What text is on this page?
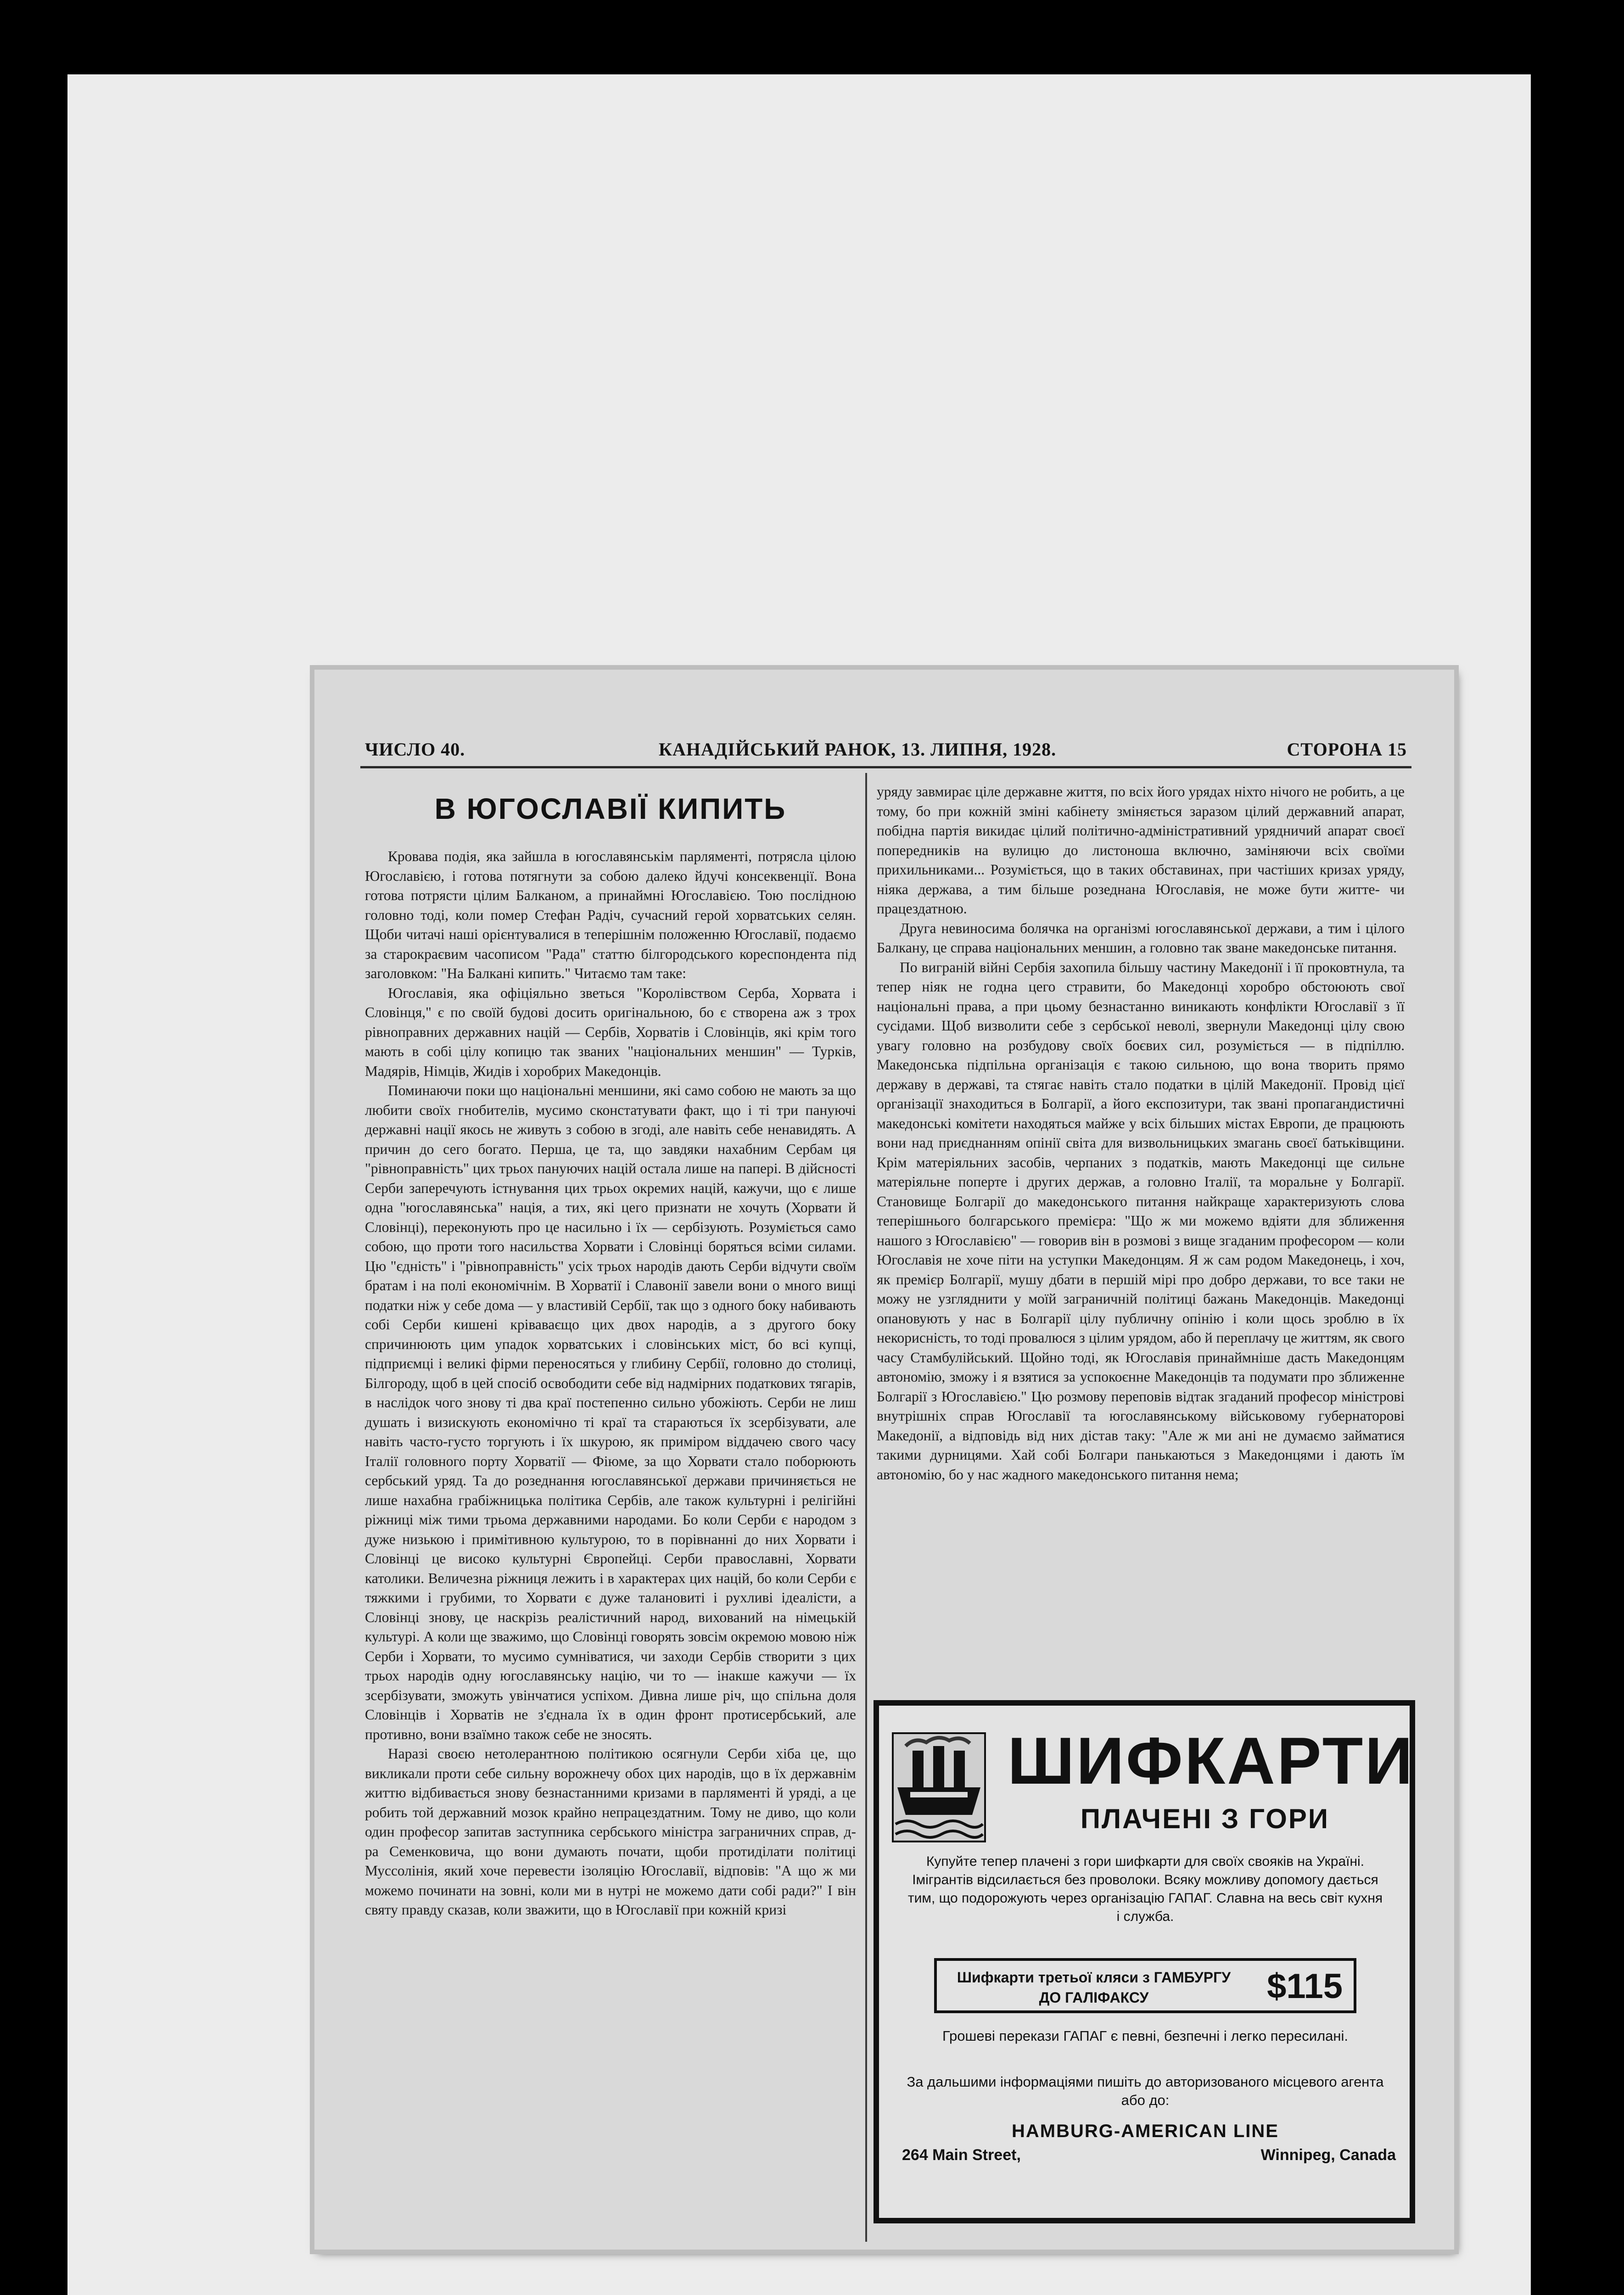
ЧИСЛО 40.	КАНАДІЙСЬКИЙ РАНОК, 13. ЛИПНЯ, 1928.	СТОРОНА 15
В ЮГОСЛАВІЇ КИПИТЬ

Кровава подія, яка зайшла в югославянськім парляменті, потрясла цілою Югославією, і готова потягнути за собою далеко йдучі консеквенції. Вона готова потрясти цілим Балканом, а принаймні Югославією. Тою послідною головно тоді, коли помер Стефан Радіч, сучасний герой хорватських селян. Щоби читачі наші орієнтувалися в теперішнім положенню Югославії, подаємо за старокраєвим часописом "Рада" статтю білгородського кореспондента під заголовком: "На Балкані кипить." Читаємо там таке:

Югославія, яка офіціяльно зветься "Королівством Серба, Хорвата і Словінця," є по своїй будові досить оригінальною, бо є створена аж з трох рівноправних державних націй — Сербів, Хорватів і Словінців, які крім того мають в собі цілу копицю так званих "національних меншин" — Турків, Мадярів, Німців, Жидів і хоробрих Македонців.

Поминаючи поки що національні меншини, які само собою не мають за що любити своїх гнобителів, мусимо сконстатувати факт, що і ті три пануючі державні нації якось не живуть з собою в згоді, але навіть себе ненавидять. А причин до сего богато. Перша, це та, що завдяки нахабним Сербам ця "рівноправність" цих трьох пануючих націй остала лише на папері. В дійсності Серби заперечують істнування цих трьох окремих націй, кажучи, що є лише одна "югославянська" нація, а тих, які цего признати не хочуть (Хорвати й Словінці), переконують про це насильно і їх — сербізують. Розуміється само собою, що проти того насильства Хорвати і Словінці боряться всіми силами. Цю "єдність" і "рівноправність" усіх трьох народів дають Серби відчути своїм братам і на полі економічнім. В Хорватії і Славонії завели вони о много вищі податки ніж у себе дома — у властивій Сербії, так що з одного боку набивають собі Серби кишені кріваваєщо цих двох народів, а з другого боку спричинюють цим упадок хорватських і словінських міст, бо всі купці, підприємці і великі фірми переносяться у глибину Сербії, головно до столиці, Білгороду, щоб в цей спосіб освободити себе від надмірних податкових тягарів, в наслідок чого знову ті два краї постепенно сильно убожіють. Серби не лиш душать і визискують економічно ті краї та стараються їх зсербізувати, але навіть часто-густо торгують і їх шкурою, як приміром віддачею свого часу Італії головного порту Хорватії — Фіюме, за що Хорвати стало поборюють сербський уряд. Та до розеднання югославянської держави причиняється не лише нахабна грабіжницька політика Сербів, але також культурні і релігійні ріжниці між тими трьома державними народами. Бо коли Серби є народом з дуже низькою і примітивною культурою, то в порівнанні до них Хорвати і Словінці це високо культурні Європейці. Серби православні, Хорвати католики. Величезна ріжниця лежить і в характерах цих націй, бо коли Серби є тяжкими і грубими, то Хорвати є дуже талановиті і рухливі ідеалісти, а Словінці знову, це наскрізь реалістичний народ, вихований на німецькій культурі. А коли ще зважимо, що Словінці говорять зовсім окремою мовою ніж Серби і Хорвати, то мусимо сумніватися, чи заходи Сербів створити з цих трьох народів одну югославянську націю, чи то — інакше кажучи — їх зсербізувати, зможуть увінчатися успіхом. Дивна лише річ, що спільна доля Словінців і Хорватів не з'єднала їх в один фронт протисербський, але противно, вони взаїмно також себе не зносять.

Наразі своєю нетолерантною політикою осягнули Серби хіба це, що викликали проти себе сильну ворожнечу обох цих народів, що в їх державнім життю відбивається знову безнастанними кризами в парляменті й уряді, а це робить той державний мозок крайно непрацездатним. Тому не диво, що коли один професор запитав заступника сербського міністра заграничних справ, д-ра Семенковича, що вони думають почати, щоби протиділати політиці Муссолінія, який хоче перевести ізоляцію Югославії, відповів: "А що ж ми можемо починати на зовні, коли ми в нутрі не можемо дати собі ради?" І він святу правду сказав, коли зважити, що в Югославії при кожній кризі

уряду завмирає ціле державне життя, по всіх його урядах ніхто нічого не робить, а це тому, бо при кожній зміні кабінету зміняється заразом цілий державний апарат, побідна партія викидає цілий політично-адміністративний урядничий апарат своєї попередників на вулицю до листоноша включно, заміняючи всіх своїми прихильниками... Розуміється, що в таких обставинах, при частіших кризах уряду, ніяка держава, а тим більше розеднана Югославія, не може бути житте- чи працездатною.

Друга невиносима болячка на організмі югославянської держави, а тим і цілого Балкану, це справа національних меншин, а головно так зване македонське питання.

По виграній війні Сербія захопила більшу частину Македонії і її проковтнула, та тепер ніяк не годна цего стравити, бо Македонці хоробро обстоюють свої національні права, а при цьому безнастанно виникають конфлікти Югославії з її сусідами. Щоб визволити себе з сербської неволі, звернули Македонці цілу свою увагу головно на розбудову своїх боєвих сил, розуміється — в підпіллю. Македонська підпільна організація є такою сильною, що вона творить прямо державу в державі, та стягає навіть стало податки в цілій Македонії. Провід цієї організації знаходиться в Болгарії, а його експозитури, так звані пропагандистичні македонські комітети находяться майже у всіх більших містах Европи, де працюють вони над приєднанням опінії світа для визвольницьких змагань своєї батьківщини. Крім матеріяльних засобів, черпаних з податків, мають Македонці ще сильне матеріяльне поперте і других держав, а головно Італії, та моральне у Болгарії. Становище Болгарії до македонського питання найкраще характеризують слова теперішнього болгарського премієра: "Що ж ми можемо вдіяти для зближення нашого з Югославією" — говорив він в розмові з вище згаданим професором — коли Югославія не хоче піти на уступки Македонцям. Я ж сам родом Македонець, і хоч, як премієр Болгарії, мушу дбати в першій мірі про добро держави, то все таки не можу не узгляднити у моїй заграничній політиці бажань Македонців. Македонці опановують у нас в Болгарії цілу публичну опінію і коли щось зроблю в їх некорисність, то тоді провалюся з цілим урядом, або й переплачу це життям, як свого часу Стамбулійський. Щойно тоді, як Югославія принаймніше дасть Македонцям автономію, зможу і я взятися за успокоєнне Македонців та подумати про зближенне Болгарії з Югославією." Цю розмову переповів відтак згаданий професор міністрові внутрішніх справ Югославії та югославянському військовому губернаторові Македонії, а відповідь від них дістав таку: "Але ж ми ані не думаємо займатися такими дурницями. Хай собі Болгари панькаються з Македонцями і дають їм автономію, бо у нас жадного македонського питання нема;

ШИФКАРТИ
ПЛАЧЕНІ З ГОРИ
Купуйте тепер плачені з гори шифкарти для своїх свояків на Україні. Імігрантів відсилається без проволоки. Всяку можливу допомогу дається тим, що подорожують через організацію ГАПАГ. Славна на весь світ кухня і служба.
Шифкарти третьої кляси з ГАМБУРГУ ДО ГАЛІФАКСУ	$115
Грошеві перекази ГАПАГ є певні, безпечні і легко пересилані.
За дальшими інформаціями пишіть до авторизованого місцевого агента або до:
HAMBURG-AMERICAN LINE
264 Main Street,	Winnipeg, Canada
